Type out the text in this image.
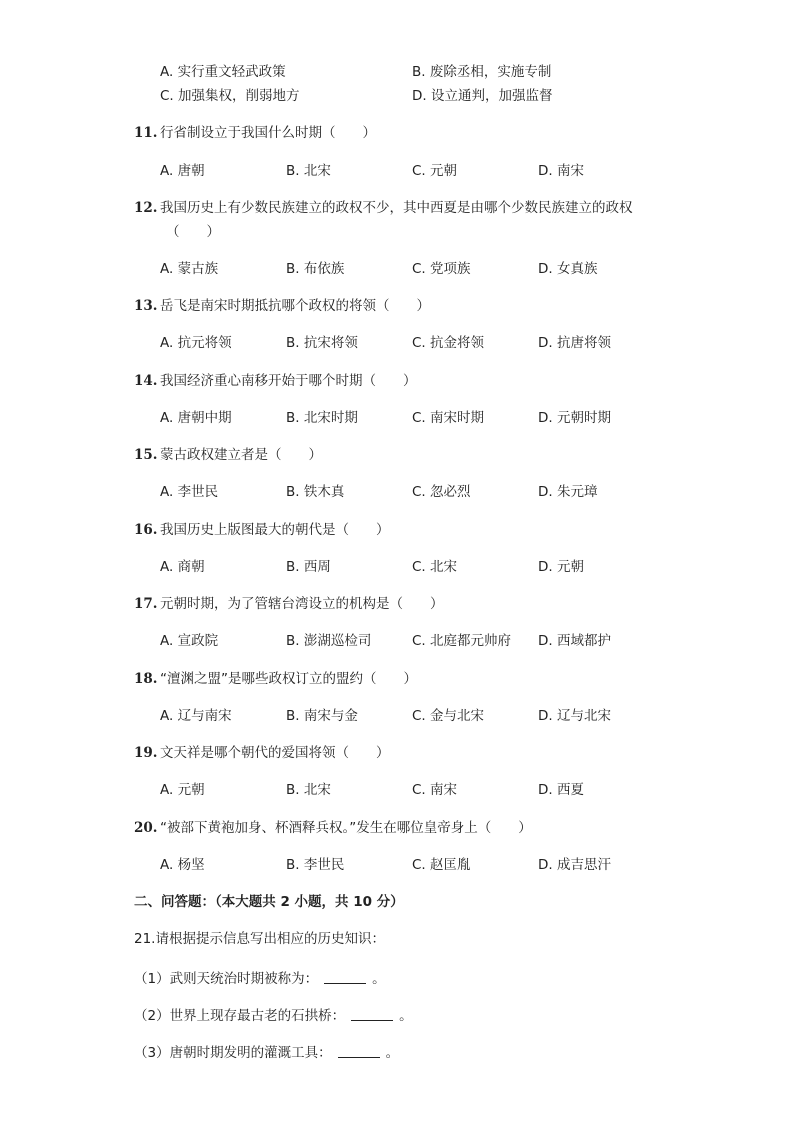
A. 实行重文轻武政策	B. 废除丞相，实施专制
C. 加强集权，削弱地方	D. 设立通判，加强监督
11. 行省制设立于我国什么时期（　　）
A. 唐朝	B. 北宋	C. 元朝	D. 南宋
12. 我国历史上有少数民族建立的政权不少，其中西夏是由哪个少数民族建立的政权
（　　）
A. 蒙古族	B. 布依族	C. 党项族	D. 女真族
13. 岳飞是南宋时期抵抗哪个政权的将领（　　）
A. 抗元将领	B. 抗宋将领	C. 抗金将领	D. 抗唐将领
14. 我国经济重心南移开始于哪个时期（　　）
A. 唐朝中期	B. 北宋时期	C. 南宋时期	D. 元朝时期
15. 蒙古政权建立者是（　　）
A. 李世民	B. 铁木真	C. 忽必烈	D. 朱元璋
16. 我国历史上版图最大的朝代是（　　）
A. 商朝	B. 西周	C. 北宋	D. 元朝
17. 元朝时期，为了管辖台湾设立的机构是（　　）
A. 宣政院	B. 澎湖巡检司	C. 北庭都元帅府 D. 西域都护
18. “澶渊之盟”是哪些政权订立的盟约（　　）
A. 辽与南宋	B. 南宋与金	C. 金与北宋	D. 辽与北宋
19. 文天祥是哪个朝代的爱国将领（　　）
A. 元朝	B. 北宋	C. 南宋	D. 西夏
20. “被部下黄袍加身、杯酒释兵权。”发生在哪位皇帝身上（　　）
A. 杨坚	B. 李世民	C. 赵匡胤	D. 成吉思汗
二、问答题：（本大题共 2 小题，共 10 分）
21.请根据提示信息写出相应的历史知识：
（1）武则天统治时期被称为：	。
（2）世界上现存最古老的石拱桥：	。
（3）唐朝时期发明的灌溉工具：	。
